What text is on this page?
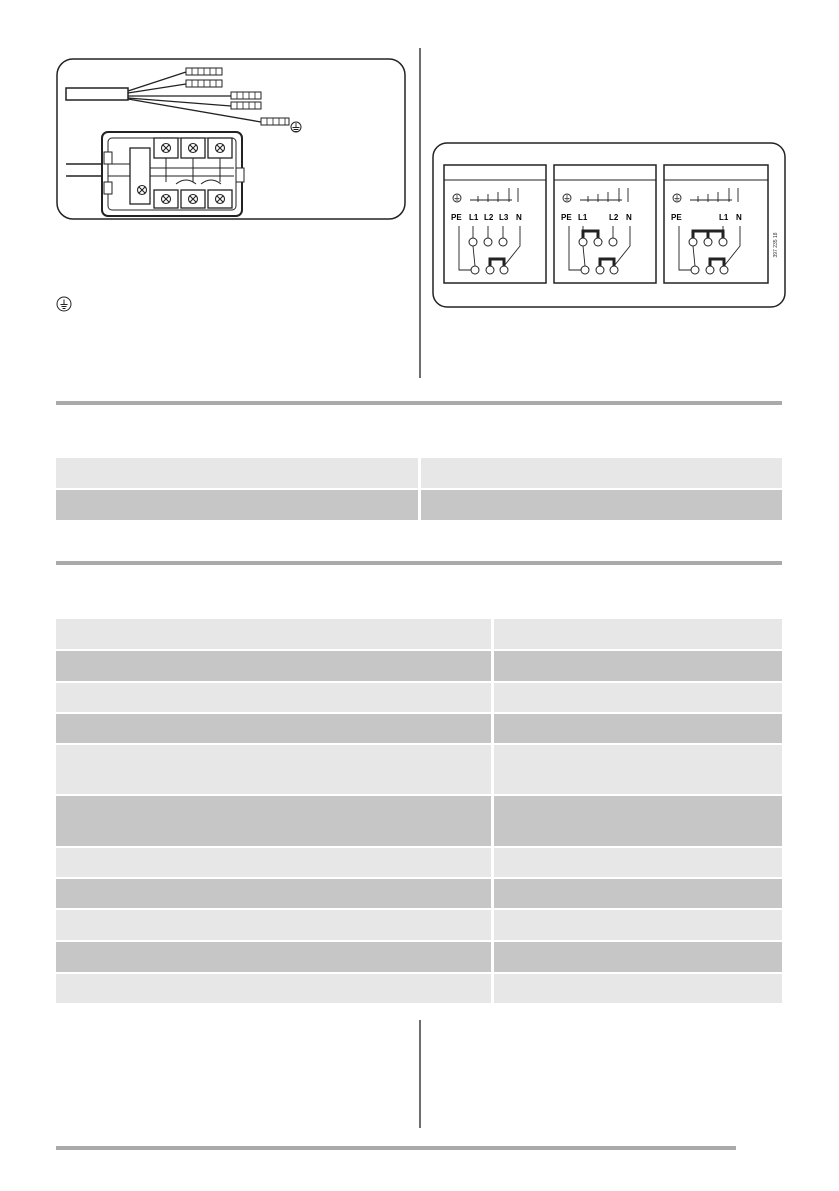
PE L1 L2 L3 N	PE L1	L2 N	PE	L1 N
397 235 18
